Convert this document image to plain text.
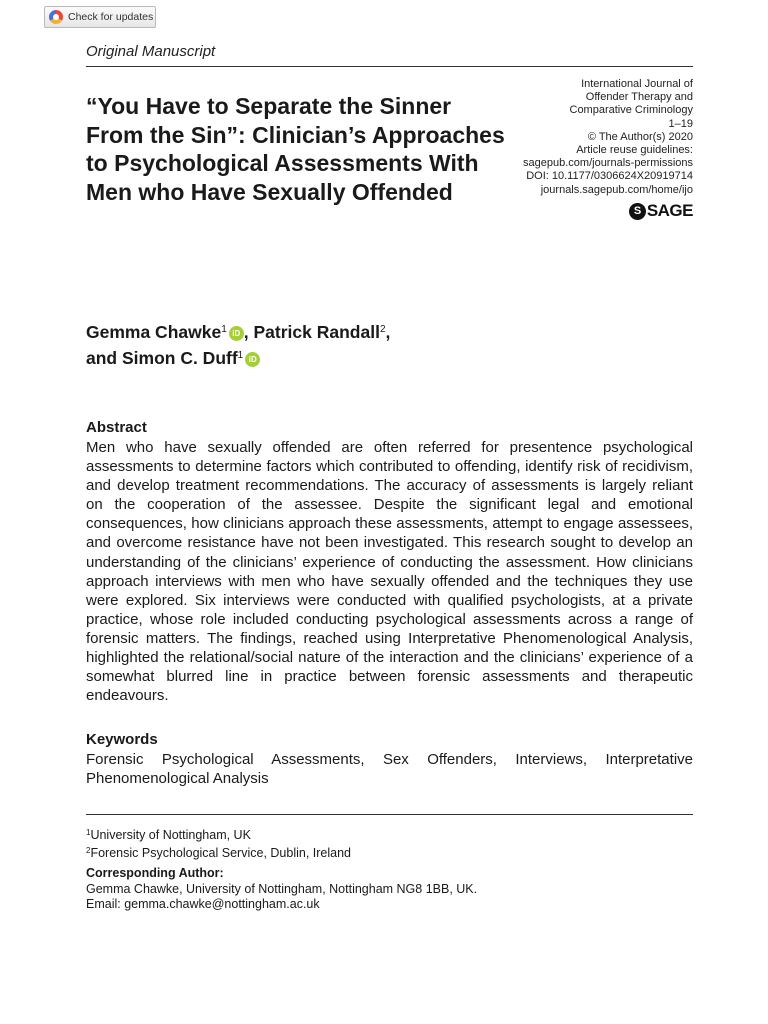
Check for updates
Original Manuscript
“You Have to Separate the Sinner From the Sin”: Clinician’s Approaches to Psychological Assessments With Men who Have Sexually Offended
International Journal of
Offender Therapy and
Comparative Criminology
1–19
© The Author(s) 2020
Article reuse guidelines:
sagepub.com/journals-permissions
DOI: 10.1177/0306624X20919714
journals.sagepub.com/home/ijo
S SAGE
Gemma Chawke$^1$ iD , Patrick Randall$^2$,
and Simon C. Duff$^1$ iD
Abstract

Men who have sexually offended are often referred for presentence psychological assessments to determine factors which contributed to offending, identify risk of recidivism, and develop treatment recommendations. The accuracy of assessments is largely reliant on the cooperation of the assessee. Despite the significant legal and emotional consequences, how clinicians approach these assessments, attempt to engage assessees, and overcome resistance have not been investigated. This research sought to develop an understanding of the clinicians’ experience of conducting the assessment. How clinicians approach interviews with men who have sexually offended and the techniques they use were explored. Six interviews were conducted with qualified psychologists, at a private practice, whose role included conducting psychological assessments across a range of forensic matters. The findings, reached using Interpretative Phenomenological Analysis, highlighted the relational/social nature of the interaction and the clinicians’ experience of a somewhat blurred line in practice between forensic assessments and therapeutic endeavours.

Keywords

Forensic Psychological Assessments, Sex Offenders, Interviews, Interpretative Phenomenological Analysis

$^1$University of Nottingham, UK
$^2$Forensic Psychological Service, Dublin, Ireland
Corresponding Author:
Gemma Chawke, University of Nottingham, Nottingham NG8 1BB, UK.
Email: gemma.chawke@nottingham.ac.uk
